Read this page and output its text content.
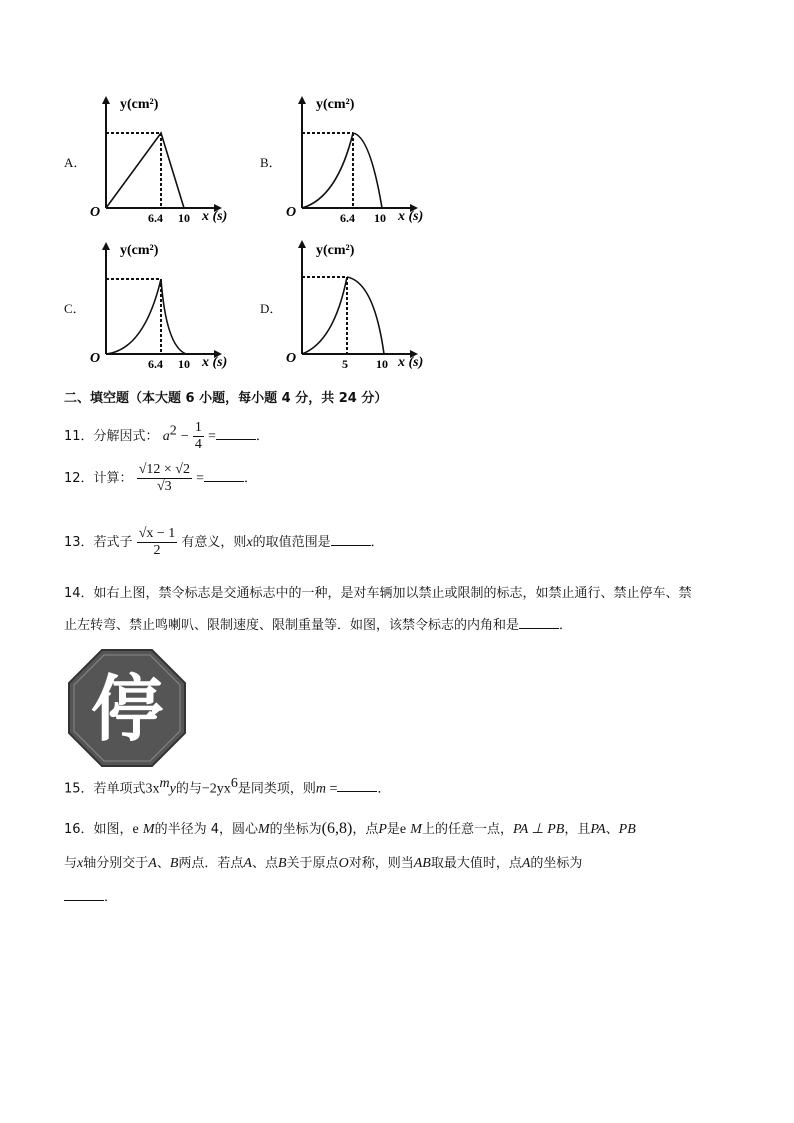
A．
y(cm²)
O	6.4 10 x (s)
B．
y(cm²)
O	6.4 10 x (s)
C．
y(cm²)
O	6.4 10 x (s)
D．
y(cm²)
O	5 10 x (s)
二、填空题（本大题 6 小题，每小题 4 分，共 24 分）
11．分解因式： $a^2 - \frac{1}{4}$ =	．
12．计算： $\frac{√12 \times √2}{√3}$ =	．
13．若式子 $\frac{√x - 1}{2}$ 有意义，则x的取值范围是	．
14．如右上图，禁令标志是交通标志中的一种，是对车辆加以禁止或限制的标志，如禁止通行、禁止停车、禁
止左转弯、禁止鸣喇叭、限制速度、限制重量等．如图，该禁令标志的内角和是	．
停
15．若单项式$3x^my$的与$-2yx^6$是同类项，则m =	．
16．如图，e M的半径为 4，圆心M的坐标为(6,8)，点P是e M上的任意一点，PA ⊥ PB，且PA、PB
与x轴分别交于A、B两点．若点A、点B关于原点O对称，则当AB取最大值时，点A的坐标为
．
